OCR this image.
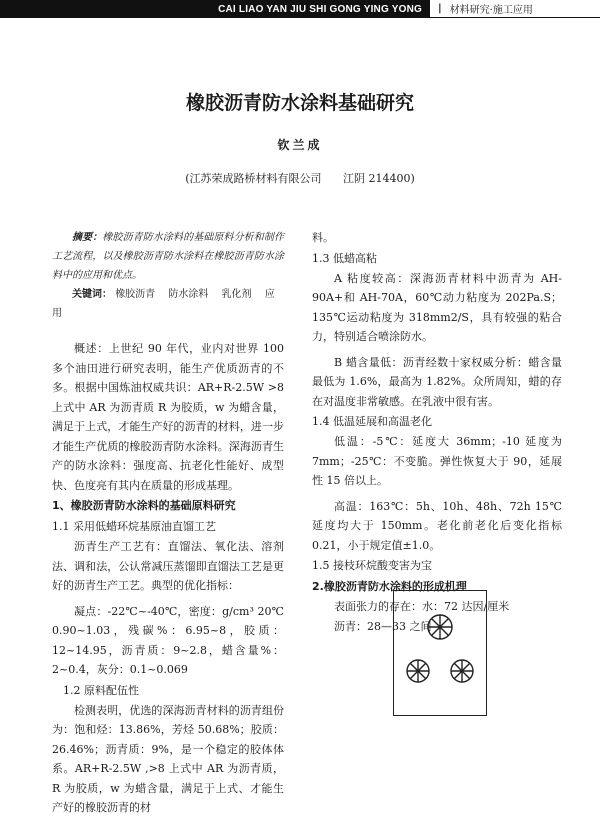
CAI LIAO YAN JIU SHI GONG YING YONG	| 材料研究·施工应用
橡胶沥青防水涂料基础研究
钦兰成
(江苏荣成路桥材料有限公司 江阴 214400)

摘要：橡胶沥青防水涂料的基础原料分析和制作工艺流程，以及橡胶沥青防水涂料在橡胶沥青防水涂料中的应用和优点。

关键词： 橡胶沥青 防水涂料 乳化剂 应用

概述：上世纪 90 年代，业内对世界 100 多个油田进行研究表明，能生产优质沥青的不多。根据中国炼油权威共识：AR+R-2.5W >8 上式中 AR 为沥青质 R 为胶质，w 为蜡含量，满足于上式，才能生产好的沥青的材料，进一步才能生产优质的橡胶沥青防水涂料。深海沥青生产的防水涂料：强度高、抗老化性能好、成型快、色度亮有其内在质量的形成基理。

1、橡胶沥青防水涂料的基础原料研究
1.1 采用低蜡环烷基原油直馏工艺

沥青生产工艺有：直馏法、氧化法、溶剂法、调和法，公认常减压蒸馏即直馏法工艺是更好的沥青生产工艺。典型的优化指标：

凝点：-22℃~-40℃，密度：g/cm³ 20℃ 0.90~1.03，残碳%：6.95~8，胶质：12~14.95，沥青质：9~2.8，蜡含量%：2~0.4，灰分：0.1~0.069

1.2 原料配伍性

检测表明，优选的深海沥青材料的沥青组份为：饱和烃：13.86%，芳烃 50.68%；胶质：26.46%；沥青质：9%，是一个稳定的胶体体系。AR+R-2.5W ,>8 上式中 AR 为沥青质，R 为胶质，w 为蜡含量，满足于上式、才能生产好的橡胶沥青的材

料。

1.3 低蜡高粘

A 粘度较高：深海沥青材料中沥青为 AH-90A+和 AH-70A，60℃动力粘度为 202Pa.S；135℃运动粘度为 318mm2/S，具有较强的粘合力，特别适合喷涂防水。

B 蜡含量低：沥青经数十家权威分析：蜡含量最低为 1.6%，最高为 1.82%。众所周知，蜡的存在对温度非常敏感。在乳液中很有害。

1.4 低温延展和高温老化

低温：-5℃：延度大 36mm；-10 延度为 7mm；-25℃：不变脆。弹性恢复大于 90，延展性 15 倍以上。

高温：163℃：5h、10h、48h、72h 15℃延度均大于 150mm。老化前老化后变化指标 0.21，小于规定值±1.0。

1.5 接枝环烷酸变害为宝
2.橡胶沥青防水涂料的形成机理

表面张力的存在：水：72 达因/厘米

沥青：28—33 之间
